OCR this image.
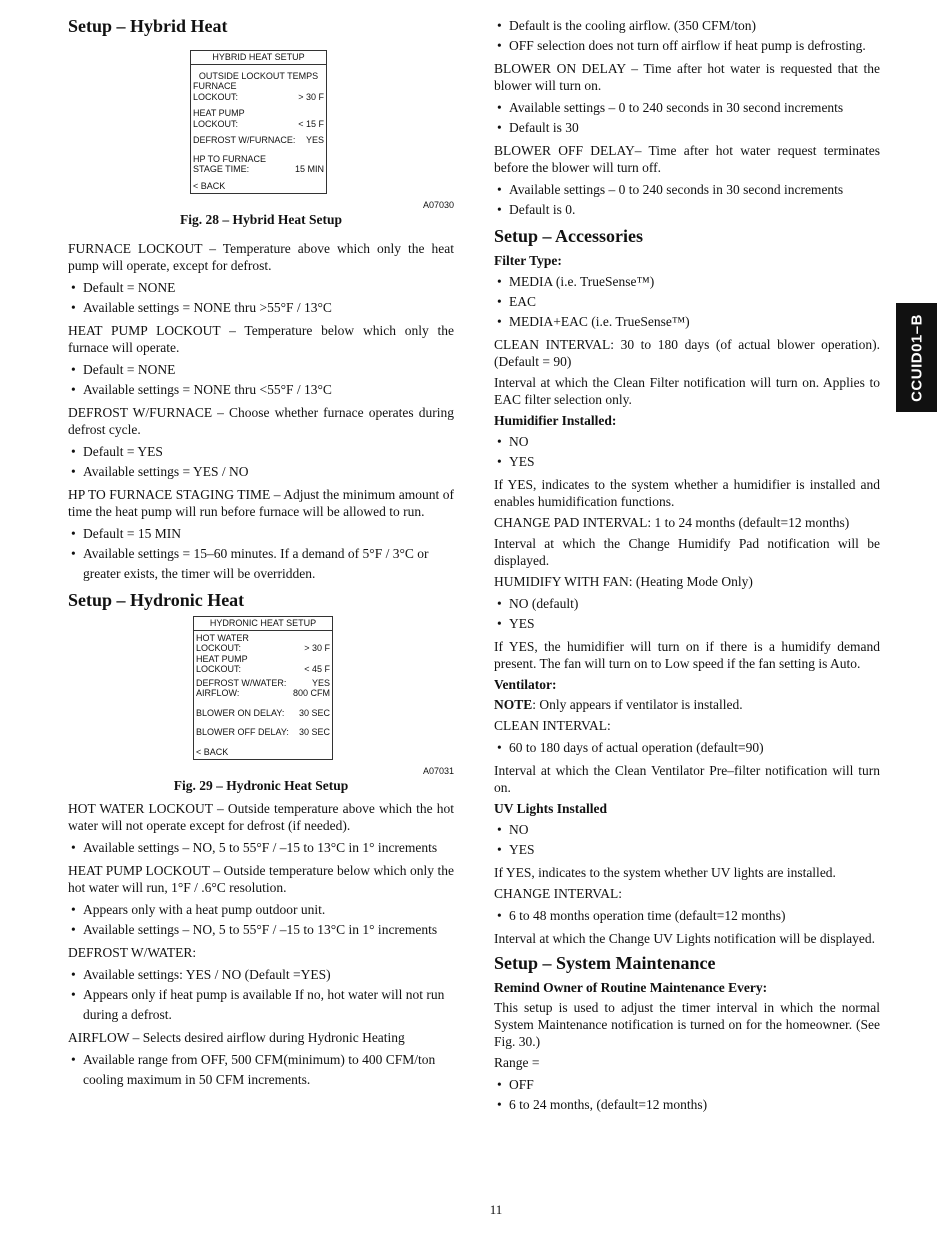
Setup – Hybrid Heat
HYBRID HEAT SETUP
OUTSIDE LOCKOUT TEMPS
FURNACE
LOCKOUT:	> 30 F
HEAT PUMP
LOCKOUT:	< 15 F
DEFROST W/FURNACE: YES
HP TO FURNACE
STAGE TIME:	15 MIN
< BACK
A07030
Fig. 28 – Hybrid Heat Setup

FURNACE LOCKOUT – Temperature above which only the heat pump will operate, except for defrost.

• Default = NONE
• Available settings = NONE thru >55°F / 13°C

HEAT PUMP LOCKOUT – Temperature below which only the furnace will operate.

• Default = NONE
• Available settings = NONE thru <55°F / 13°C

DEFROST W/FURNACE – Choose whether furnace operates during defrost cycle.

• Default = YES
• Available settings = YES / NO

HP TO FURNACE STAGING TIME – Adjust the minimum amount of time the heat pump will run before furnace will be allowed to run.

• Default = 15 MIN
• Available settings = 15–60 minutes. If a demand of 5°F / 3°C or greater exists, the timer will be overridden.
Setup – Hydronic Heat
HYDRONIC HEAT SETUP
HOT WATER
LOCKOUT:	> 30 F
HEAT PUMP
LOCKOUT:	< 45 F
DEFROST W/WATER:	YES
AIRFLOW:	800 CFM
BLOWER ON DELAY: 30 SEC
BLOWER OFF DELAY: 30 SEC
< BACK
A07031
Fig. 29 – Hydronic Heat Setup

HOT WATER LOCKOUT – Outside temperature above which the hot water will not operate except for defrost (if needed).

• Available settings – NO, 5 to 55°F / –15 to 13°C in 1° increments

HEAT PUMP LOCKOUT – Outside temperature below which only the hot water will run, 1°F / .6°C resolution.

• Appears only with a heat pump outdoor unit.
• Available settings – NO, 5 to 55°F / –15 to 13°C in 1° increments

DEFROST W/WATER:

• Available settings: YES / NO (Default =YES)
• Appears only if heat pump is available If no, hot water will not run during a defrost.

AIRFLOW – Selects desired airflow during Hydronic Heating

• Available range from OFF, 500 CFM(minimum) to 400 CFM/ton cooling maximum in 50 CFM increments.
• Default is the cooling airflow. (350 CFM/ton)
• OFF selection does not turn off airflow if heat pump is defrosting.

BLOWER ON DELAY – Time after hot water is requested that the blower will turn on.

• Available settings – 0 to 240 seconds in 30 second increments
• Default is 30

BLOWER OFF DELAY– Time after hot water request terminates before the blower will turn off.

• Available settings – 0 to 240 seconds in 30 second increments
• Default is 0.
Setup – Accessories
Filter Type:
• MEDIA (i.e. TrueSense™)
• EAC
• MEDIA+EAC (i.e. TrueSense™)

CLEAN INTERVAL: 30 to 180 days (of actual blower operation). (Default = 90)

Interval at which the Clean Filter notification will turn on. Applies to EAC filter selection only.

Humidifier Installed:
• NO
• YES

If YES, indicates to the system whether a humidifier is installed and enables humidification functions.

CHANGE PAD INTERVAL: 1 to 24 months (default=12 months)

Interval at which the Change Humidify Pad notification will be displayed.

HUMIDIFY WITH FAN: (Heating Mode Only)

• NO (default)
• YES

If YES, the humidifier will turn on if there is a humidify demand present. The fan will turn on to Low speed if the fan setting is Auto.

Ventilator:

NOTE: Only appears if ventilator is installed.

CLEAN INTERVAL:

• 60 to 180 days of actual operation (default=90)

Interval at which the Clean Ventilator Pre–filter notification will turn on.

UV Lights Installed
• NO
• YES

If YES, indicates to the system whether UV lights are installed.

CHANGE INTERVAL:

• 6 to 48 months operation time (default=12 months)

Interval at which the Change UV Lights notification will be displayed.

Setup – System Maintenance
Remind Owner of Routine Maintenance Every:

This setup is used to adjust the timer interval in which the normal System Maintenance notification is turned on for the homeowner. (See Fig. 30.)

Range =

• OFF
• 6 to 24 months, (default=12 months)
CCUID01–B
11
